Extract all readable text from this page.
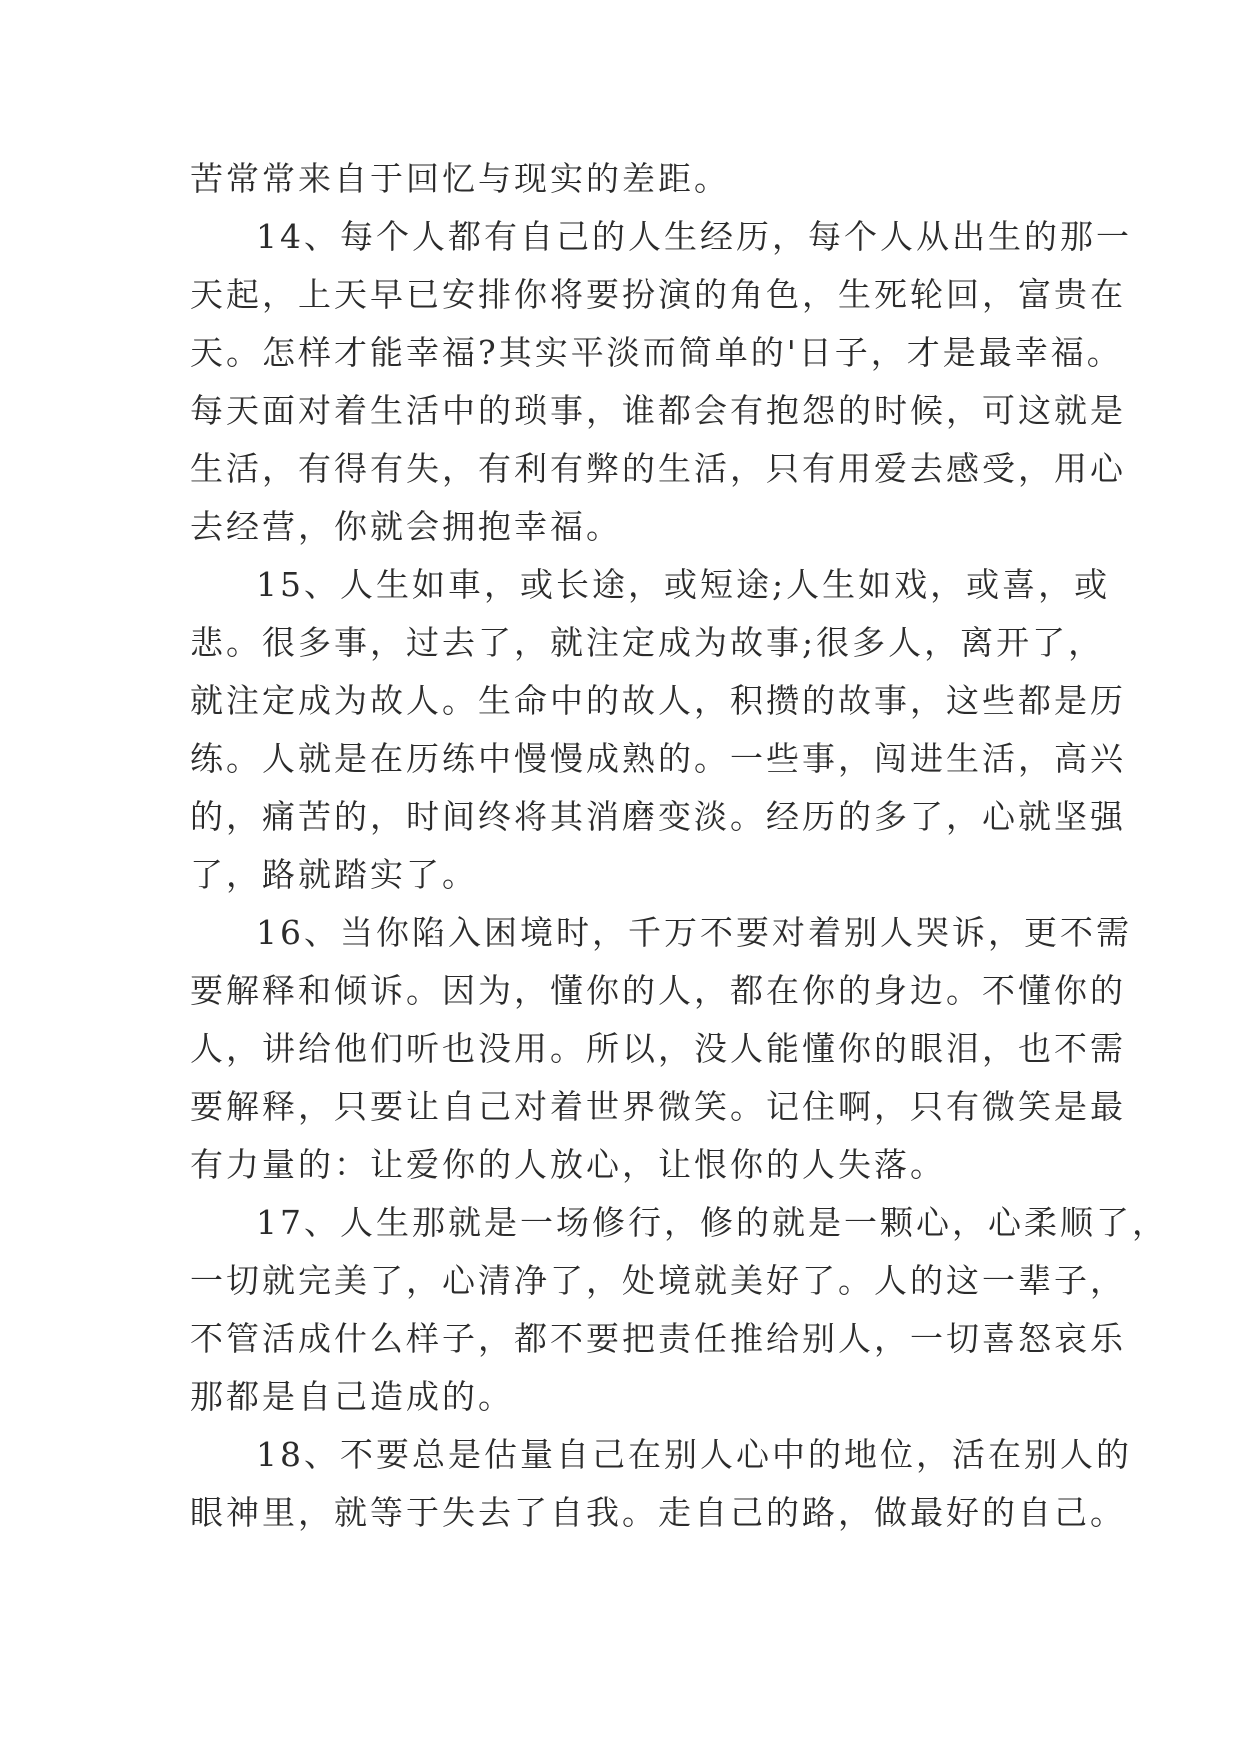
苦常常来自于回忆与现实的差距。
14、每个人都有自己的人生经历，每个人从出生的那一
天起，上天早已安排你将要扮演的角色，生死轮回，富贵在
天。怎样才能幸福?其实平淡而简单的'日子，才是最幸福。
每天面对着生活中的琐事，谁都会有抱怨的时候，可这就是
生活，有得有失，有利有弊的生活，只有用爱去感受，用心
去经营，你就会拥抱幸福。
15、人生如車，或长途，或短途;人生如戏，或喜，或
悲。很多事，过去了，就注定成为故事;很多人，离开了，
就注定成为故人。生命中的故人，积攒的故事，这些都是历
练。人就是在历练中慢慢成熟的。一些事，闯进生活，高兴
的，痛苦的，时间终将其消磨变淡。经历的多了，心就坚强
了，路就踏实了。
16、当你陷入困境时，千万不要对着别人哭诉，更不需
要解释和倾诉。因为，懂你的人，都在你的身边。不懂你的
人，讲给他们听也没用。所以，没人能懂你的眼泪，也不需
要解释，只要让自己对着世界微笑。记住啊，只有微笑是最
有力量的：让爱你的人放心，让恨你的人失落。
17、人生那就是一场修行，修的就是一颗心，心柔顺了，
一切就完美了，心清净了，处境就美好了。人的这一辈子，
不管活成什么样子，都不要把责任推给别人，一切喜怒哀乐
那都是自己造成的。
18、不要总是估量自己在别人心中的地位，活在别人的
眼神里，就等于失去了自我。走自己的路，做最好的自己。
